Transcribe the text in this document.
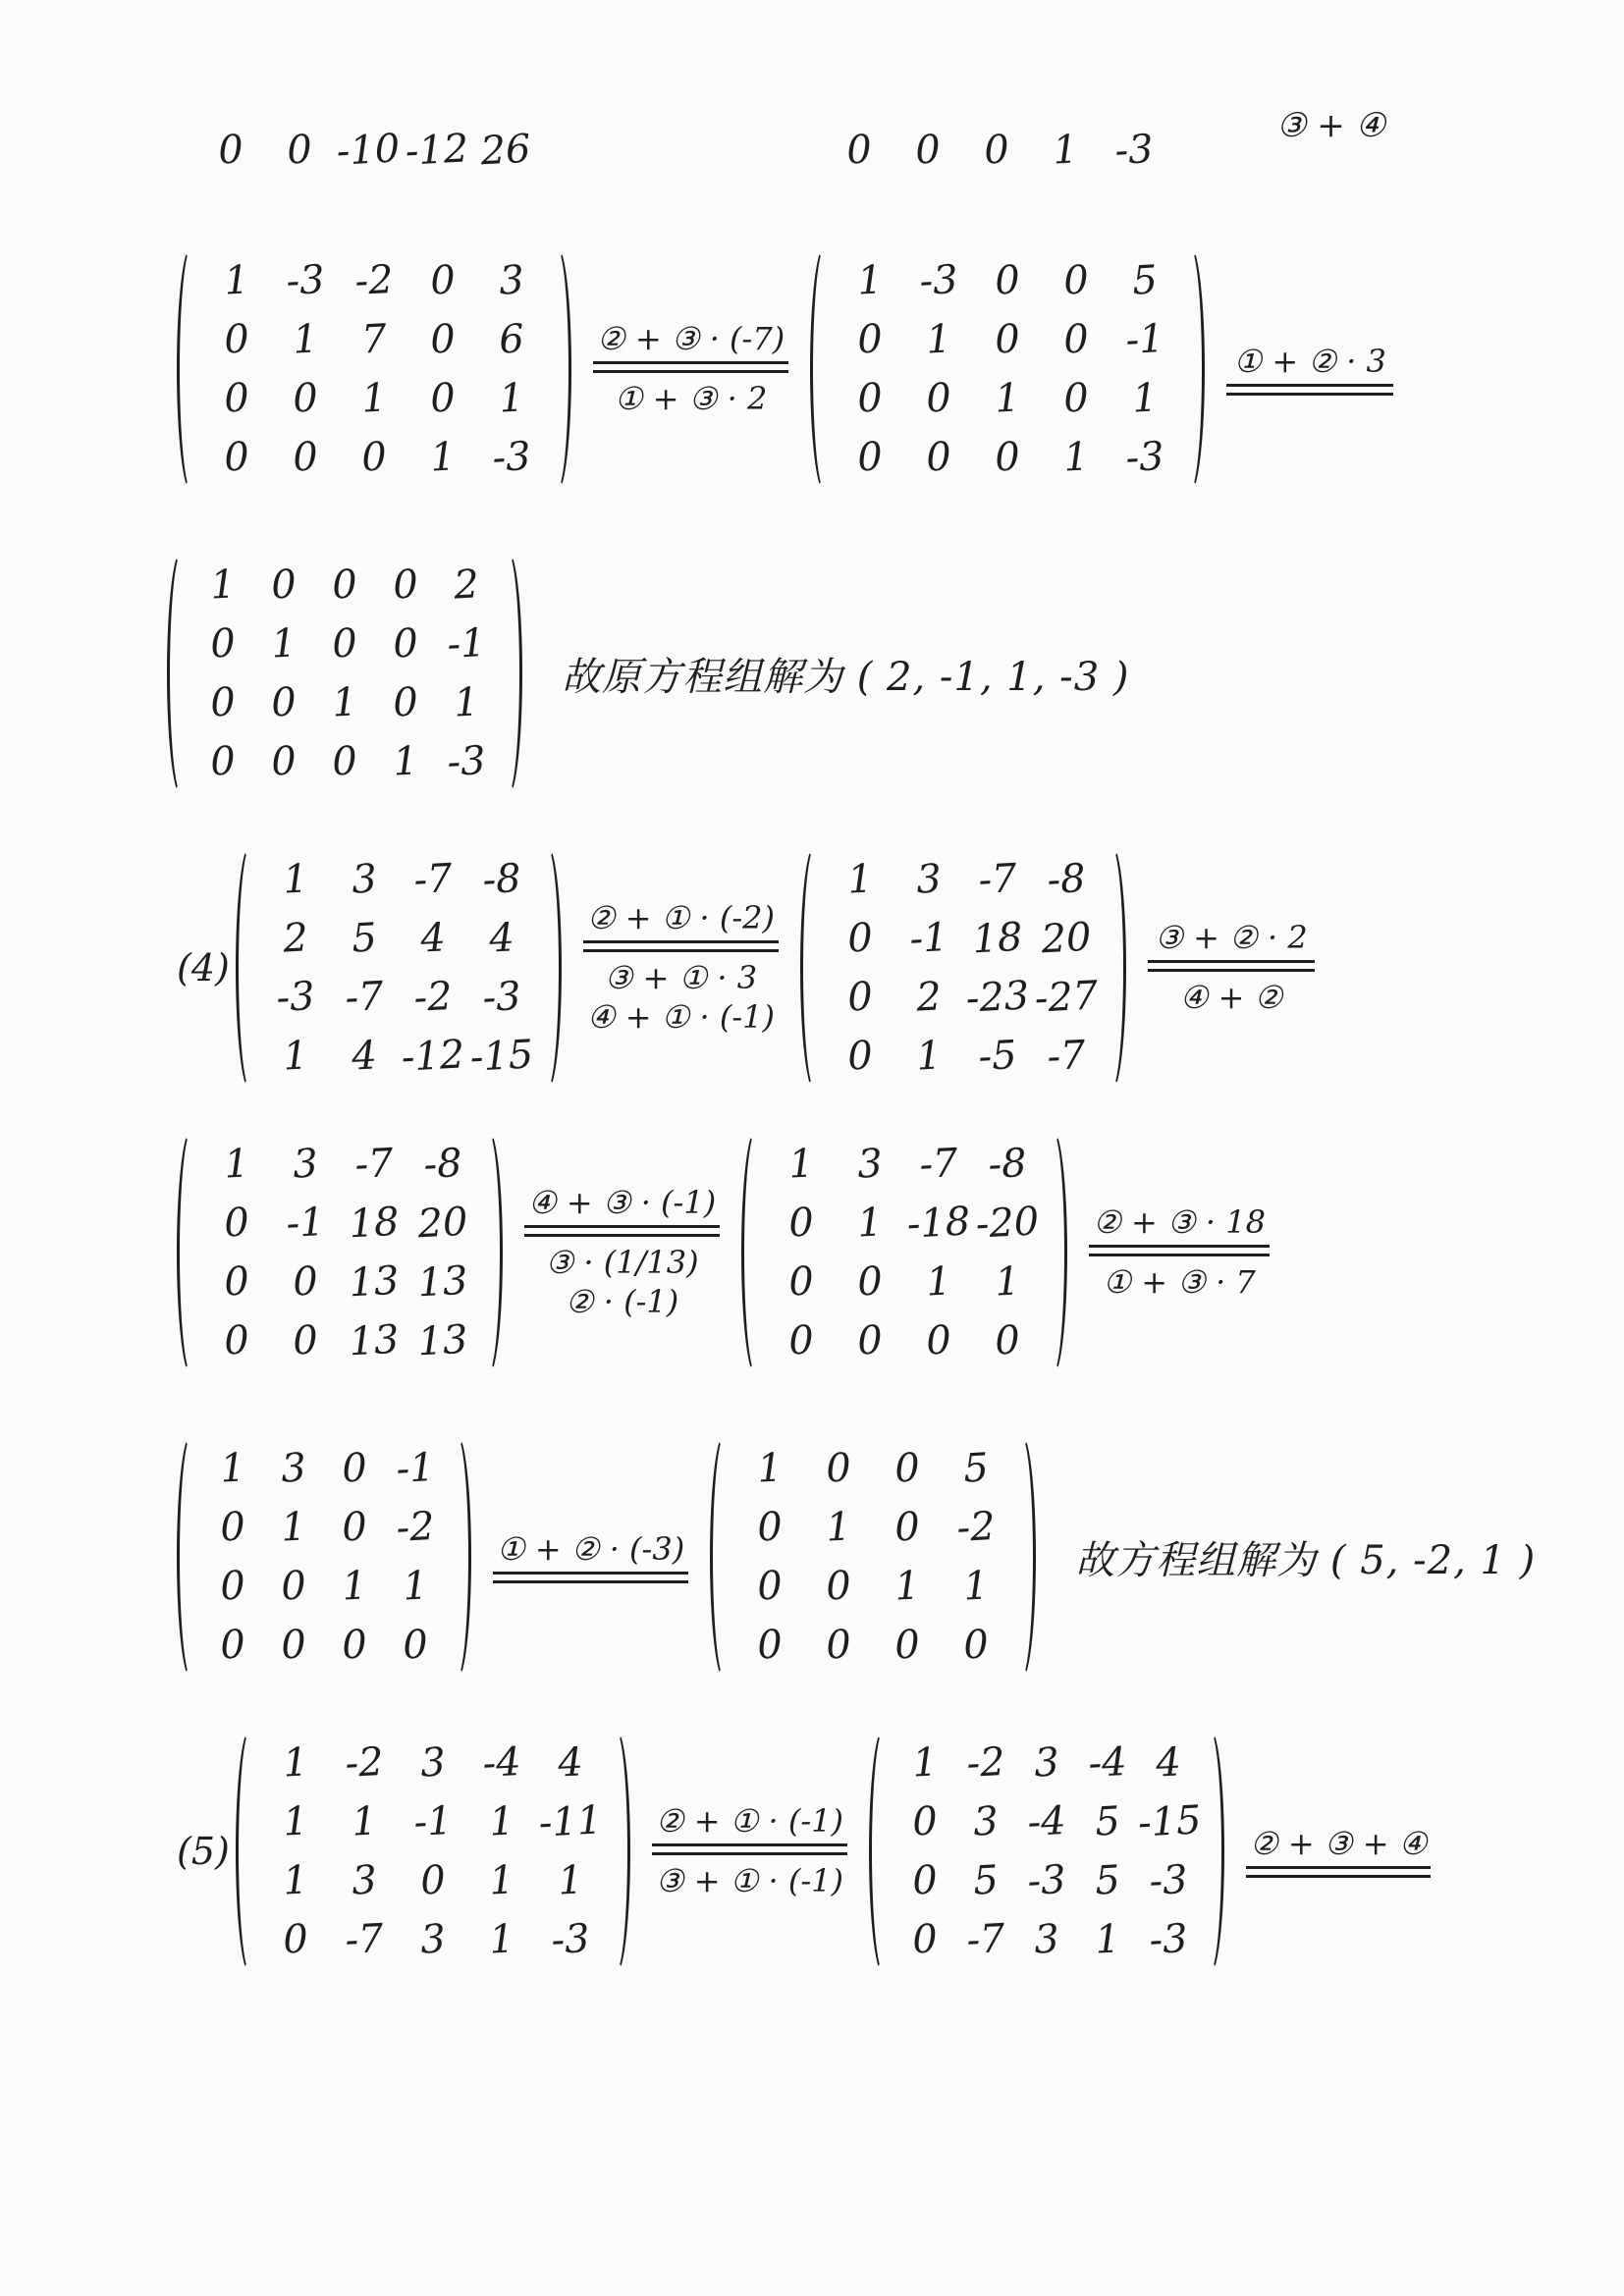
0	0 -10 -12 26	0	0	0	1 -3
③ + ④
1 -3 -2 0	3
0	1	7	0	6
0	0	1	0	1
0	0	0	1 -3
② + ③ · (-7)
① + ③ · 2
1 -3 0	0	5
0	1	0	0 -1
0	0	1	0	1
0	0	0	1 -3
① + ② · 3
1 0 0 0 2
0 1 0 0 -1
0 0 1 0 1
0 0 0 1 -3
故原方程组解为 ( 2, -1, 1, -3 )
(4)
1	3 -7 -8
2	5	4	4
-3 -7 -2 -3
1	4 -12 -15
② + ① · (-2)
③ + ① · 3
④ + ① · (-1)
1	3 -7 -8
0 -1 18 20
0	2 -23 -27
0	1 -5 -7
③ + ② · 2
④ + ②
1	3 -7 -8
0 -1 18 20
0	0 13 13
0	0 13 13
④ + ③ · (-1)
③ · (1/13)
② · (-1)
1	3 -7 -8
0	1 -18 -20
0	0	1	1
0	0	0	0
② + ③ · 18
① + ③ · 7
1 3 0 -1
0 1 0 -2
0 0 1 1
0 0 0 0
① + ② · (-3)
1	0	0	5
0	1	0 -2
0	0	1	1
0	0	0	0
故方程组解为 ( 5, -2, 1 )
(5)
1 -2 3 -4 4
1	1 -1 1 -11
1	3	0	1	1
0 -7 3	1 -3
② + ① · (-1)
③ + ① · (-1)
1 -2 3 -4 4
0 3 -4 5 -15
0 5 -3 5 -3
0 -7 3 1 -3
② + ③ + ④
